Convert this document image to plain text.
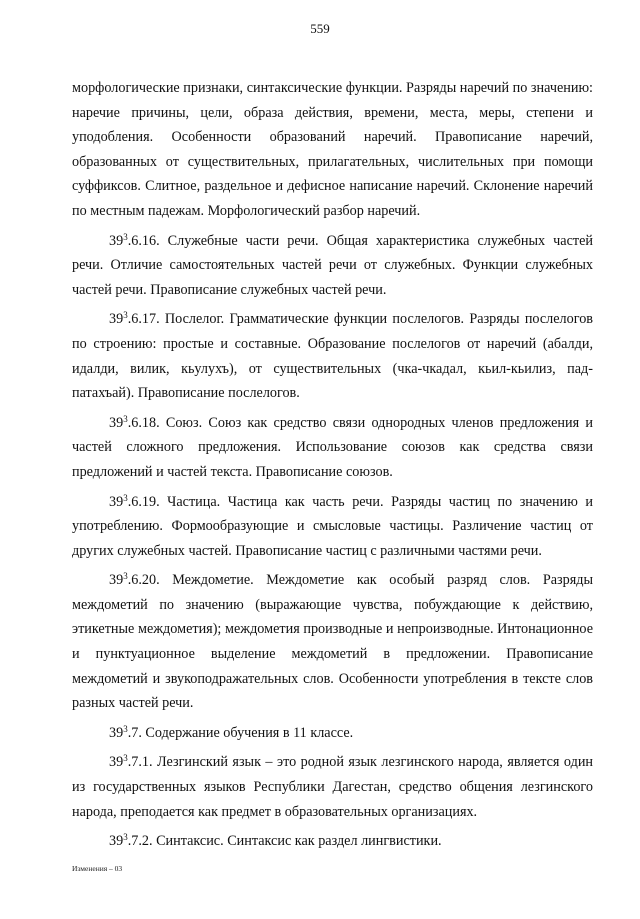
559

морфологические признаки, синтаксические функции. Разряды наречий по значению: наречие причины, цели, образа действия, времени, места, меры, степени и уподобления. Особенности образований наречий. Правописание наречий, образованных от существительных, прилагательных, числительных при помощи суффиксов. Слитное, раздельное и дефисное написание наречий. Склонение наречий по местным падежам. Морфологический разбор наречий.

$39^3.6.16$. Служебные части речи. Общая характеристика служебных частей речи. Отличие самостоятельных частей речи от служебных. Функции служебных частей речи. Правописание служебных частей речи.

$39^3.6.17$. Послелог. Грамматические функции послелогов. Разряды послелогов по строению: простые и составные. Образование послелогов от наречий (абалди, идалди, вилик, кьулухъ), от существительных (чка-чкадал, кьил-кьилиз, пад-патахъай). Правописание послелогов.

$39^3.6.18$. Союз. Союз как средство связи однородных членов предложения и частей сложного предложения. Использование союзов как средства связи предложений и частей текста. Правописание союзов.

$39^3.6.19$. Частица. Частица как часть речи. Разряды частиц по значению и употреблению. Формообразующие и смысловые частицы. Различение частиц от других служебных частей. Правописание частиц с различными частями речи.

$39^3.6.20$. Междометие. Междометие как особый разряд слов. Разряды междометий по значению (выражающие чувства, побуждающие к действию, этикетные междометия); междометия производные и непроизводные. Интонационное и пунктуационное выделение междометий в предложении. Правописание междометий и звукоподражательных слов. Особенности употребления в тексте слов разных частей речи.

$39^3.7$. Содержание обучения в 11 классе.

$39^3.7.1$. Лезгинский язык – это родной язык лезгинского народа, является один из государственных языков Республики Дагестан, средство общения лезгинского народа, преподается как предмет в образовательных организациях.

$39^3.7.2$. Синтаксис. Синтаксис как раздел лингвистики.

Изменения – 03
